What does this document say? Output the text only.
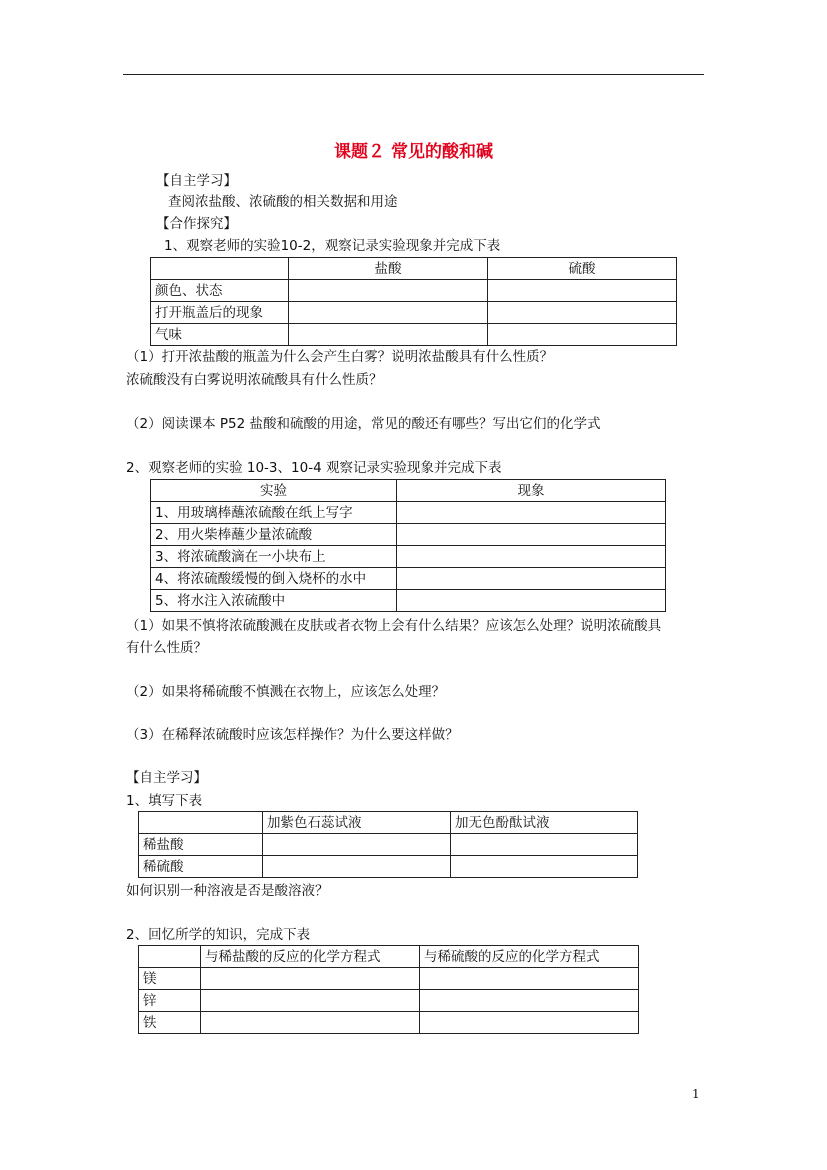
课题２ 常见的酸和碱
【自主学习】
查阅浓盐酸、浓硫酸的相关数据和用途
【合作探究】
1、观察老师的实验10-2，观察记录实验现象并完成下表
	盐酸	硫酸
颜色、状态		
打开瓶盖后的现象		
气味		
（1）打开浓盐酸的瓶盖为什么会产生白雾？说明浓盐酸具有什么性质？
浓硫酸没有白雾说明浓硫酸具有什么性质？
（2）阅读课本 P52 盐酸和硫酸的用途，常见的酸还有哪些？写出它们的化学式
2、观察老师的实验 10-3、10-4 观察记录实验现象并完成下表
实验	现象
1、用玻璃棒蘸浓硫酸在纸上写字	
2、用火柴棒蘸少量浓硫酸	
3、将浓硫酸滴在一小块布上	
4、将浓硫酸缓慢的倒入烧杯的水中	
5、将水注入浓硫酸中	
（1）如果不慎将浓硫酸溅在皮肤或者衣物上会有什么结果？应该怎么处理？说明浓硫酸具
有什么性质？
（2）如果将稀硫酸不慎溅在衣物上，应该怎么处理？
（3）在稀释浓硫酸时应该怎样操作？为什么要这样做？
【自主学习】
1、填写下表
	加紫色石蕊试液	加无色酚酞试液
稀盐酸		
稀硫酸		
如何识别一种溶液是否是酸溶液？
2、回忆所学的知识，完成下表
	与稀盐酸的反应的化学方程式	与稀硫酸的反应的化学方程式
镁		
锌		
铁		
1
